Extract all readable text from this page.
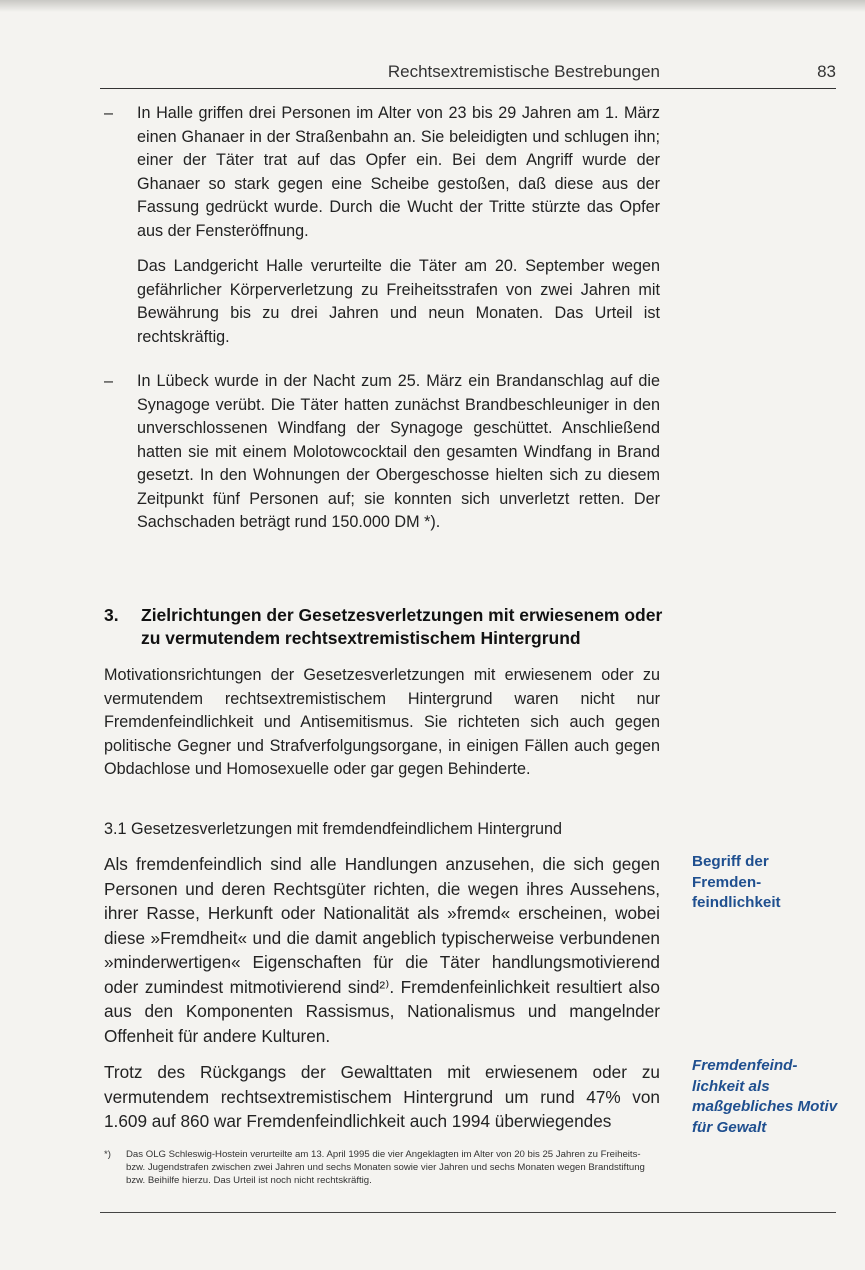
Rechtsextremistische Bestrebungen	83
– In Halle griffen drei Personen im Alter von 23 bis 29 Jahren am 1. März einen Ghanaer in der Straßenbahn an. Sie beleidigten und schlugen ihn; einer der Täter trat auf das Opfer ein. Bei dem Angriff wurde der Ghanaer so stark gegen eine Scheibe gestoßen, daß diese aus der Fassung gedrückt wurde. Durch die Wucht der Tritte stürzte das Opfer aus der Fensteröffnung.

Das Landgericht Halle verurteilte die Täter am 20. September wegen gefährlicher Körperverletzung zu Freiheitsstrafen von zwei Jahren mit Bewährung bis zu drei Jahren und neun Monaten. Das Urteil ist rechtskräftig.

– In Lübeck wurde in der Nacht zum 25. März ein Brandanschlag auf die Synagoge verübt. Die Täter hatten zunächst Brandbeschleuniger in den unverschlossenen Windfang der Synagoge geschüttet. Anschließend hatten sie mit einem Molotowcocktail den gesamten Windfang in Brand gesetzt. In den Wohnungen der Obergeschosse hielten sich zu diesem Zeitpunkt fünf Personen auf; sie konnten sich unverletzt retten. Der Sachschaden beträgt rund 150.000 DM *).

3. Zielrichtungen der Gesetzesverletzungen mit erwiesenem oder zu vermutendem rechtsextremistischem Hintergrund
Motivationsrichtungen der Gesetzesverletzungen mit erwiesenem oder zu vermutendem rechtsextremistischem Hintergrund waren nicht nur Fremdenfeindlichkeit und Antisemitismus. Sie richteten sich auch gegen politische Gegner und Strafverfolgungsorgane, in einigen Fällen auch gegen Obdachlose und Homosexuelle oder gar gegen Behinderte.
3.1 Gesetzesverletzungen mit fremdendfeindlichem Hintergrund

Als fremdenfeindlich sind alle Handlungen anzusehen, die sich gegen Personen und deren Rechtsgüter richten, die wegen ihres Aussehens, ihrer Rasse, Herkunft oder Nationalität als »fremd« erscheinen, wobei diese »Fremdheit« und die damit angeblich typischerweise verbundenen »minderwertigen« Eigenschaften für die Täter handlungsmotivierend oder zumindest mitmotivierend sind²⁾. Fremdenfeinlichkeit resultiert also aus den Komponenten Rassismus, Nationalismus und mangelnder Offenheit für andere Kulturen.

Trotz des Rückgangs der Gewalttaten mit erwiesenem oder zu vermutendem rechtsextremistischem Hintergrund um rund 47% von 1.609 auf 860 war Fremdenfeindlichkeit auch 1994 überwiegendes

Begriff der Fremden-feindlichkeit
Fremdenfeind-lichkeit als maßgebliches Motiv für Gewalt
*) Das OLG Schleswig-Hostein verurteilte am 13. April 1995 die vier Angeklagten im Alter von 20 bis 25 Jahren zu Freiheits- bzw. Jugendstrafen zwischen zwei Jahren und sechs Monaten sowie vier Jahren und sechs Monaten wegen Brandstiftung bzw. Beihilfe hierzu. Das Urteil ist noch nicht rechtskräftig.
